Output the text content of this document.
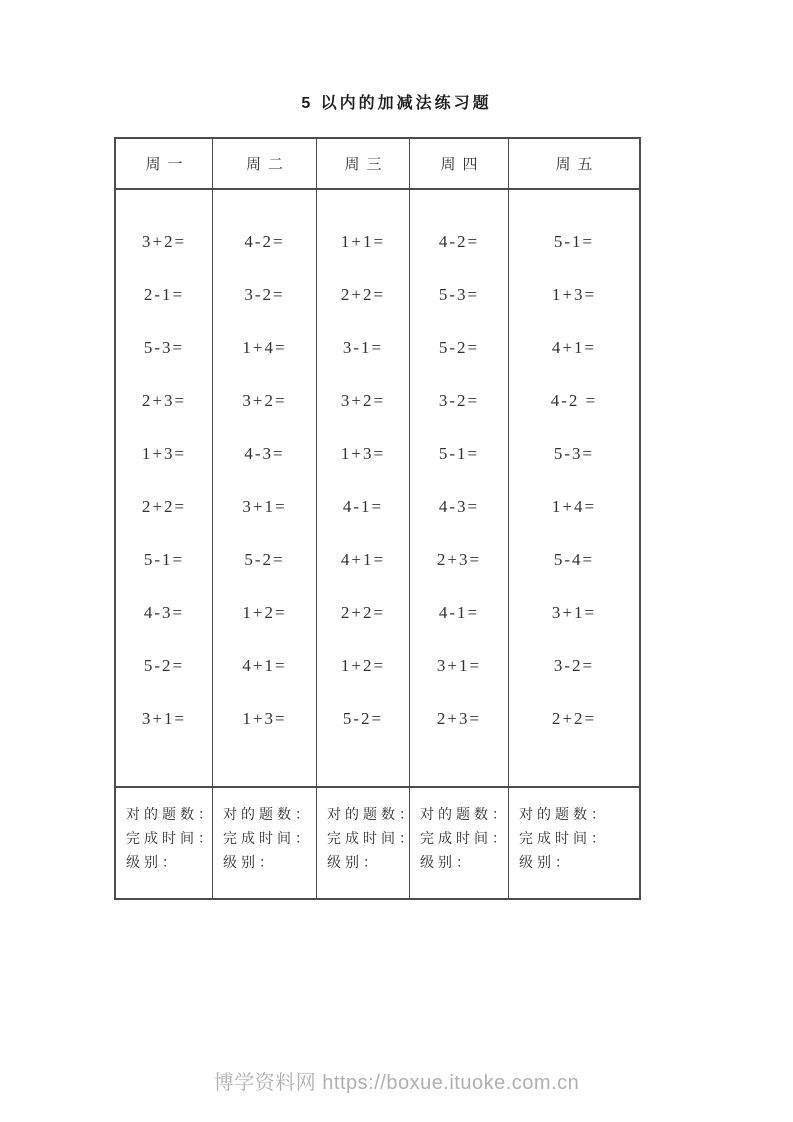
5 以内的加减法练习题
周一
3+2=
2-1=
5-3=
2+3=
1+3=
2+2=
5-1=
4-3=
5-2=
3+1=
对的题数：
完成时间：
级别：
周二
4-2=
3-2=
1+4=
3+2=
4-3=
3+1=
5-2=
1+2=
4+1=
1+3=
对的题数：
完成时间：
级别：
周三
1+1=
2+2=
3-1=
3+2=
1+3=
4-1=
4+1=
2+2=
1+2=
5-2=
对的题数：
完成时间：
级别：
周四
4-2=
5-3=
5-2=
3-2=
5-1=
4-3=
2+3=
4-1=
3+1=
2+3=
对的题数：
完成时间：
级别：
周五
5-1=
1+3=
4+1=
4-2 =
5-3=
1+4=
5-4=
3+1=
3-2=
2+2=
对的题数：
完成时间：
级别：
博学资料网 https://boxue.ituoke.com.cn
